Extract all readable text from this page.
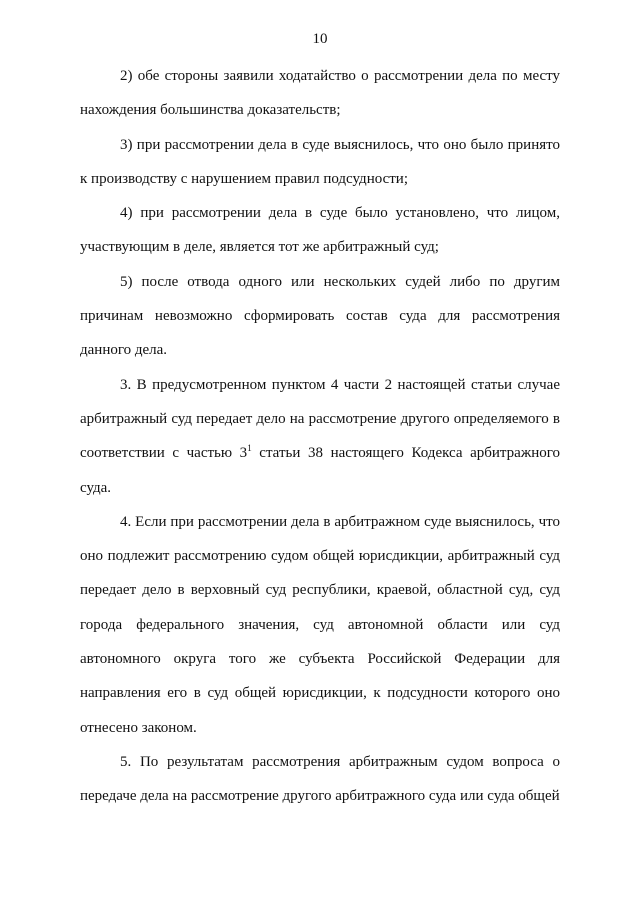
10

2) обе стороны заявили ходатайство о рассмотрении дела по месту нахождения большинства доказательств;

3) при рассмотрении дела в суде выяснилось, что оно было принято к производству с нарушением правил подсудности;

4) при рассмотрении дела в суде было установлено, что лицом, участвующим в деле, является тот же арбитражный суд;

5) после отвода одного или нескольких судей либо по другим причинам невозможно сформировать состав суда для рассмотрения данного дела.

3. В предусмотренном пунктом 4 части 2 настоящей статьи случае арбитражный суд передает дело на рассмотрение другого определяемого в соответствии с частью $3^1$ статьи 38 настоящего Кодекса арбитражного суда.

4. Если при рассмотрении дела в арбитражном суде выяснилось, что оно подлежит рассмотрению судом общей юрисдикции, арбитражный суд передает дело в верховный суд республики, краевой, областной суд, суд города федерального значения, суд автономной области или суд автономного округа того же субъекта Российской Федерации для направления его в суд общей юрисдикции, к подсудности которого оно отнесено законом.

5. По результатам рассмотрения арбитражным судом вопроса о передаче дела на рассмотрение другого арбитражного суда или суда общей
